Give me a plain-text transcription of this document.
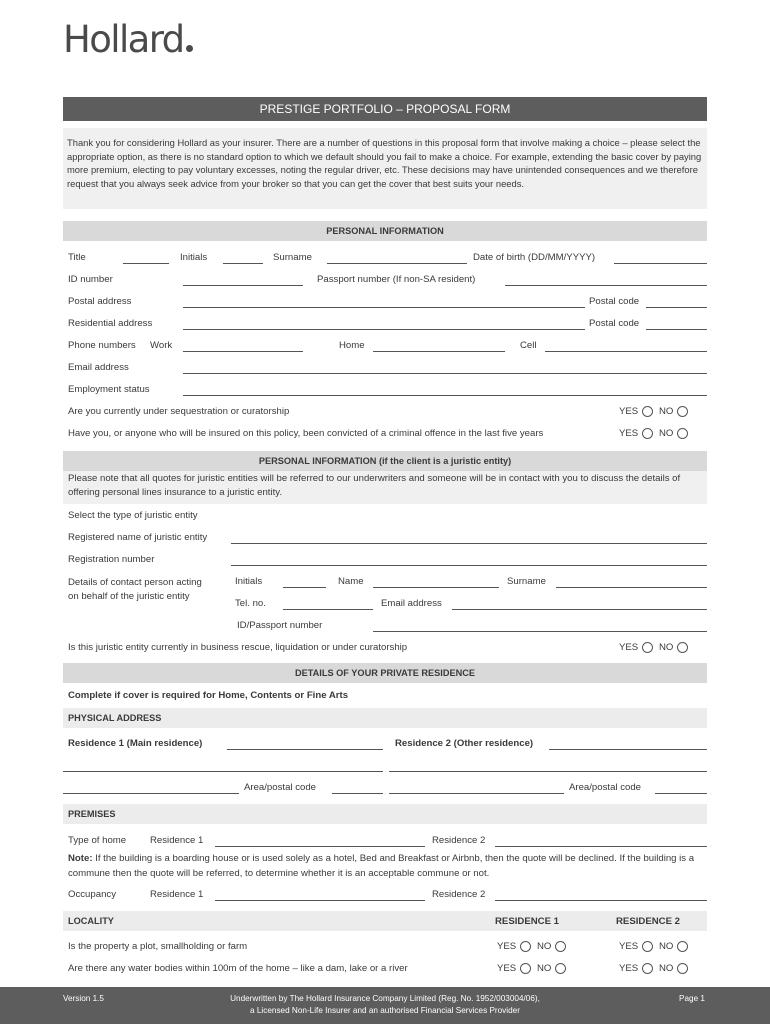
Hollard
PRESTIGE PORTFOLIO – PROPOSAL FORM

Thank you for considering Hollard as your insurer. There are a number of questions in this proposal form that involve making a choice – please select the appropriate option, as there is no standard option to which we default should you fail to make a choice. For example, extending the basic cover by paying more premium, electing to pay voluntary excesses, noting the regular driver, etc. These decisions may have unintended consequences and we therefore request that you always seek advice from your broker so that you can get the cover that best suits your needs.

PERSONAL INFORMATION
Title	Initials	Surname	Date of birth (DD/MM/YYYY)
ID number	Passport number (If non-SA resident)
Postal address	Postal code
Residential address	Postal code
Phone numbers Work	Home	Cell
Email address
Employment status
Are you currently under sequestration or curatorship	YES	NO
Have you, or anyone who will be insured on this policy, been convicted of a criminal offence in the last five years	YES	NO
PERSONAL INFORMATION (if the client is a juristic entity)
Please note that all quotes for juristic entities will be referred to our underwriters and someone will be in contact with you to discuss the details of offering personal lines insurance to a juristic entity.
Select the type of juristic entity
Registered name of juristic entity
Registration number
Details of contact person acting on behalf of the juristic entity
Initials	Name	Surname
Tel. no.	Email address
ID/Passport number
Is this juristic entity currently in business rescue, liquidation or under curatorship	YES	NO
DETAILS OF YOUR PRIVATE RESIDENCE
Complete if cover is required for Home, Contents or Fine Arts
PHYSICAL ADDRESS
Residence 1 (Main residence)	Residence 2 (Other residence)
Area/postal code	Area/postal code
PREMISES
Type of home Residence 1	Residence 2
Note: If the building is a boarding house or is used solely as a hotel, Bed and Breakfast or Airbnb, then the quote will be declined. If the building is a commune then the quote will be referred, to determine whether it is an acceptable commune or not.
Occupancy	Residence 1	Residence 2
LOCALITY	RESIDENCE 1	RESIDENCE 2
Is the property a plot, smallholding or farm	YES	NO	YES	NO
Are there any water bodies within 100m of the home – like a dam, lake or a river	YES	NO	YES	NO
Version 1.5	Underwritten by The Hollard Insurance Company Limited (Reg. No. 1952/003004/06),
a Licensed Non-Life Insurer and an authorised Financial Services Provider
Page 1
